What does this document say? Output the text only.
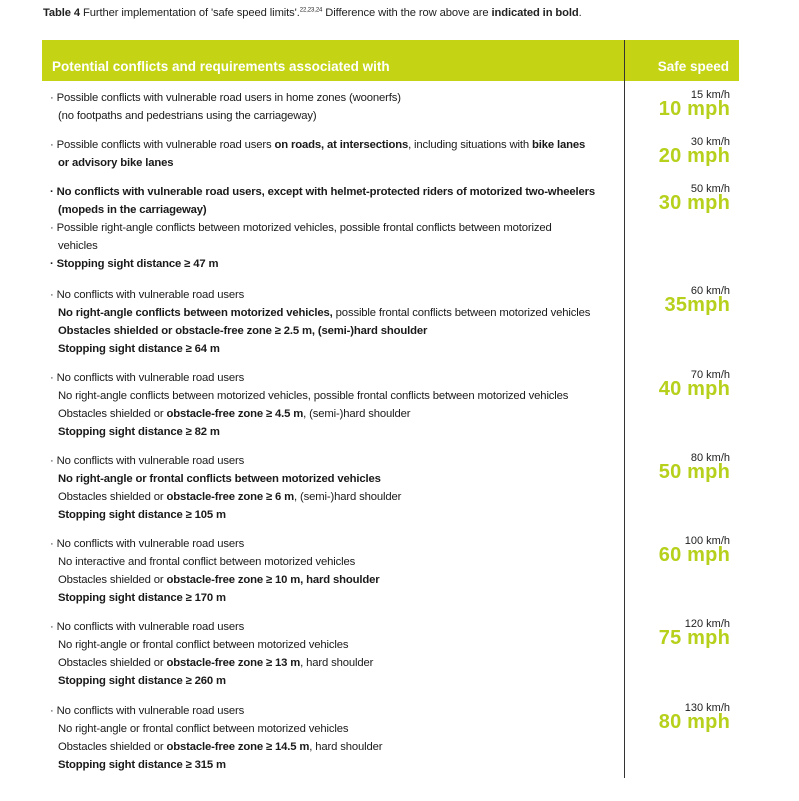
Table 4 Further implementation of 'safe speed limits'.$^{22,23,24}$ Difference with the row above are indicated in bold.
Potential conflicts and requirements associated with	Safe speed
· Possible conflicts with vulnerable road users in home zones (woonerfs)
(no footpaths and pedestrians using the carriageway)
15 km/h
10 mph
· Possible conflicts with vulnerable road users on roads, at intersections, including situations with bike lanes
or advisory bike lanes
30 km/h
20 mph
· No conflicts with vulnerable road users, except with helmet-protected riders of motorized two-wheelers
(mopeds in the carriageway)
· Possible right-angle conflicts between motorized vehicles, possible frontal conflicts between motorized
vehicles
· Stopping sight distance ≥ 47 m
50 km/h
30 mph
· No conflicts with vulnerable road users
No right-angle conflicts between motorized vehicles, possible frontal conflicts between motorized vehicles
Obstacles shielded or obstacle-free zone ≥ 2.5 m, (semi-)hard shoulder
Stopping sight distance ≥ 64 m
60 km/h
35mph
· No conflicts with vulnerable road users
No right-angle conflicts between motorized vehicles, possible frontal conflicts between motorized vehicles
Obstacles shielded or obstacle-free zone ≥ 4.5 m, (semi-)hard shoulder
Stopping sight distance ≥ 82 m
70 km/h
40 mph
· No conflicts with vulnerable road users
No right-angle or frontal conflicts between motorized vehicles
Obstacles shielded or obstacle-free zone ≥ 6 m, (semi-)hard shoulder
Stopping sight distance ≥ 105 m
80 km/h
50 mph
· No conflicts with vulnerable road users
No interactive and frontal conflict between motorized vehicles
Obstacles shielded or obstacle-free zone ≥ 10 m, hard shoulder
Stopping sight distance ≥ 170 m
100 km/h
60 mph
· No conflicts with vulnerable road users
No right-angle or frontal conflict between motorized vehicles
Obstacles shielded or obstacle-free zone ≥ 13 m, hard shoulder
Stopping sight distance ≥ 260 m
120 km/h
75 mph
· No conflicts with vulnerable road users
No right-angle or frontal conflict between motorized vehicles
Obstacles shielded or obstacle-free zone ≥ 14.5 m, hard shoulder
Stopping sight distance ≥ 315 m
130 km/h
80 mph
